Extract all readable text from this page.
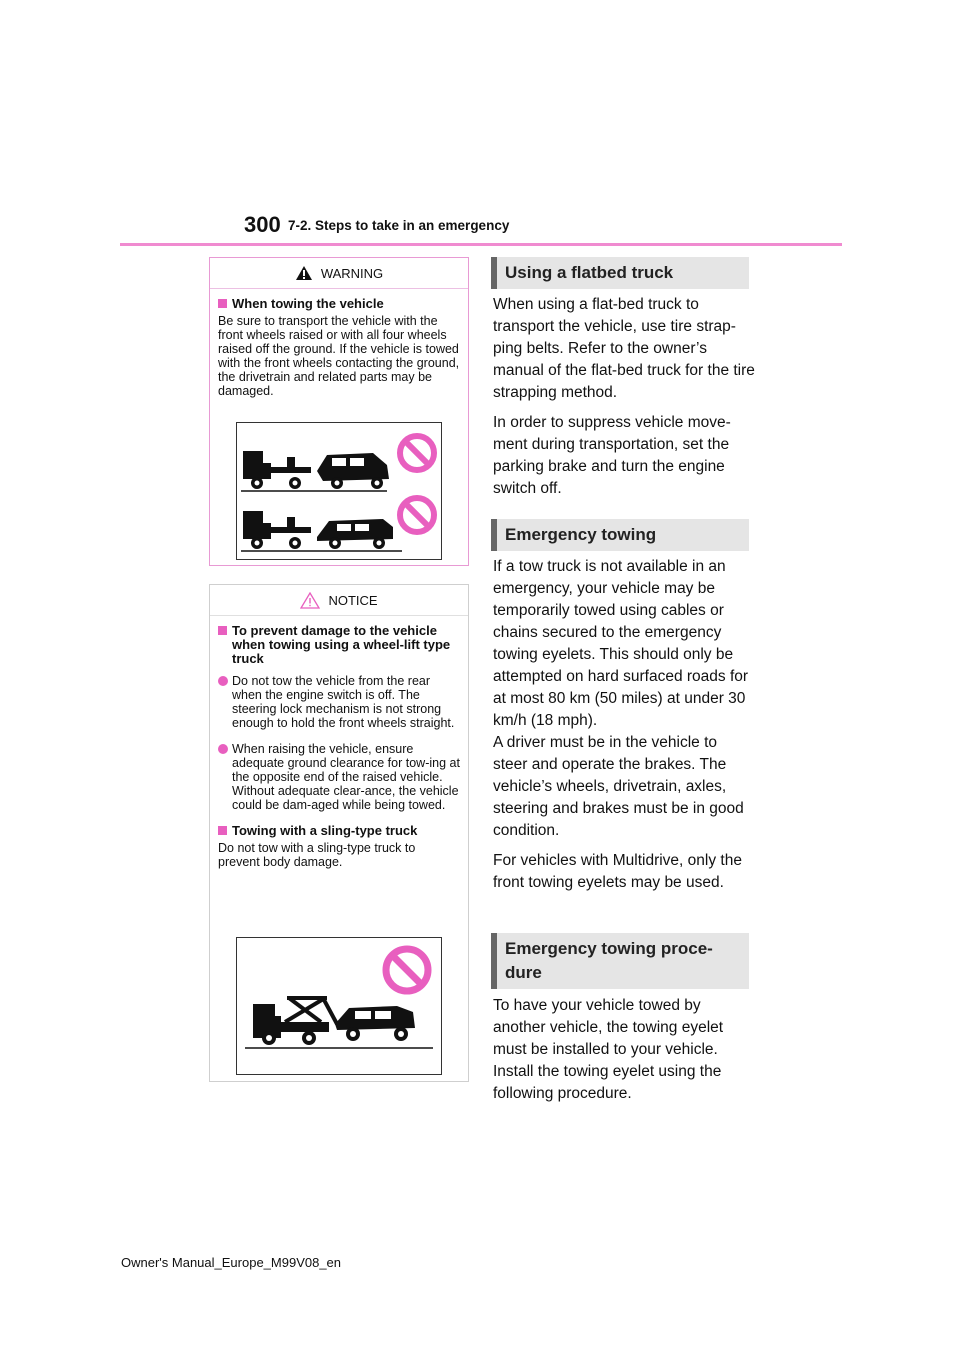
300 7-2. Steps to take in an emergency
WARNING
When towing the vehicle
Be sure to transport the vehicle with the front wheels raised or with all four wheels raised off the ground. If the vehicle is towed with the front wheels contacting the ground, the drivetrain and related parts may be damaged.
NOTICE
To prevent damage to the vehicle when towing using a wheel-lift type truck
Do not tow the vehicle from the rear when the engine switch is off. The steering lock mechanism is not strong enough to hold the front wheels straight.
When raising the vehicle, ensure adequate ground clearance for tow-ing at the opposite end of the raised vehicle. Without adequate clear-ance, the vehicle could be dam-aged while being towed.
Towing with a sling-type truck
Do not tow with a sling-type truck to prevent body damage.
Using a flatbed truck

When using a flat-bed truck to transport the vehicle, use tire strap-ping belts. Refer to the owner’s manual of the flat-bed truck for the tire strapping method.

In order to suppress vehicle move-ment during transportation, set the parking brake and turn the engine switch off.

Emergency towing

If a tow truck is not available in an emergency, your vehicle may be temporarily towed using cables or chains secured to the emergency towing eyelets. This should only be attempted on hard surfaced roads for at most 80 km (50 miles) at under 30 km/h (18 mph).

A driver must be in the vehicle to steer and operate the brakes. The vehicle’s wheels, drivetrain, axles, steering and brakes must be in good condition.

For vehicles with Multidrive, only the front towing eyelets may be used.

Emergency towing proce-dure

To have your vehicle towed by another vehicle, the towing eyelet must be installed to your vehicle. Install the towing eyelet using the following procedure.

Owner's Manual_Europe_M99V08_en
